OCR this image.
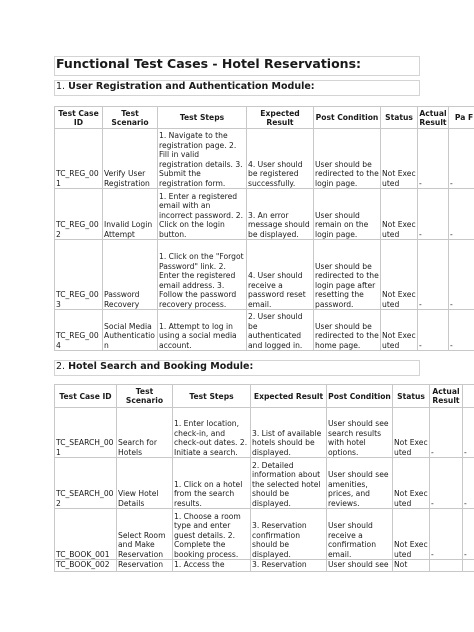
Functional Test Cases - Hotel Reservations:
1. User Registration and Authentication Module:
Test Case ID	Test Scenario	Test Steps	Expected Result	Post Condition	Status	Actual Result	Pa F
TC_REG_001	Verify User Registration	1. Navigate to the registration page. 2. Fill in valid registration details. 3. Submit the registration form.	4. User should be registered successfully.	User should be redirected to the login page.	Not Executed	-	-
TC_REG_002	Invalid Login Attempt	1. Enter a registered email with an incorrect password. 2. Click on the login button.	3. An error message should be displayed.	User should remain on the login page.	Not Executed	-	-
TC_REG_003	Password Recovery	1. Click on the "Forgot Password" link. 2. Enter the registered email address. 3. Follow the password recovery process.	4. User should receive a password reset email.	User should be redirected to the login page after resetting the password.	Not Executed	-	-
TC_REG_004	Social Media Authentication	1. Attempt to log in using a social media account.	2. User should be authenticated and logged in.	User should be redirected to the home page.	Not Executed	-	-
2. Hotel Search and Booking Module:
Test Case ID	Test Scenario	Test Steps	Expected Result	Post Condition	Status	Actual Result	
TC_SEARCH_001	Search for Hotels	1. Enter location, check-in, and check-out dates. 2. Initiate a search.	3. List of available hotels should be displayed.	User should see search results with hotel options.	Not Executed	-	-
TC_SEARCH_002	View Hotel Details	1. Click on a hotel from the search results.	2. Detailed information about the selected hotel should be displayed.	User should see amenities, prices, and reviews.	Not Executed	-	-
TC_BOOK_001	Select Room and Make Reservation	1. Choose a room type and enter guest details. 2. Complete the booking process.	3. Reservation confirmation should be displayed.	User should receive a confirmation email.	Not Executed	-	-
TC_BOOK_002	Reservation	1. Access the	3. Reservation	User should see	Not		
